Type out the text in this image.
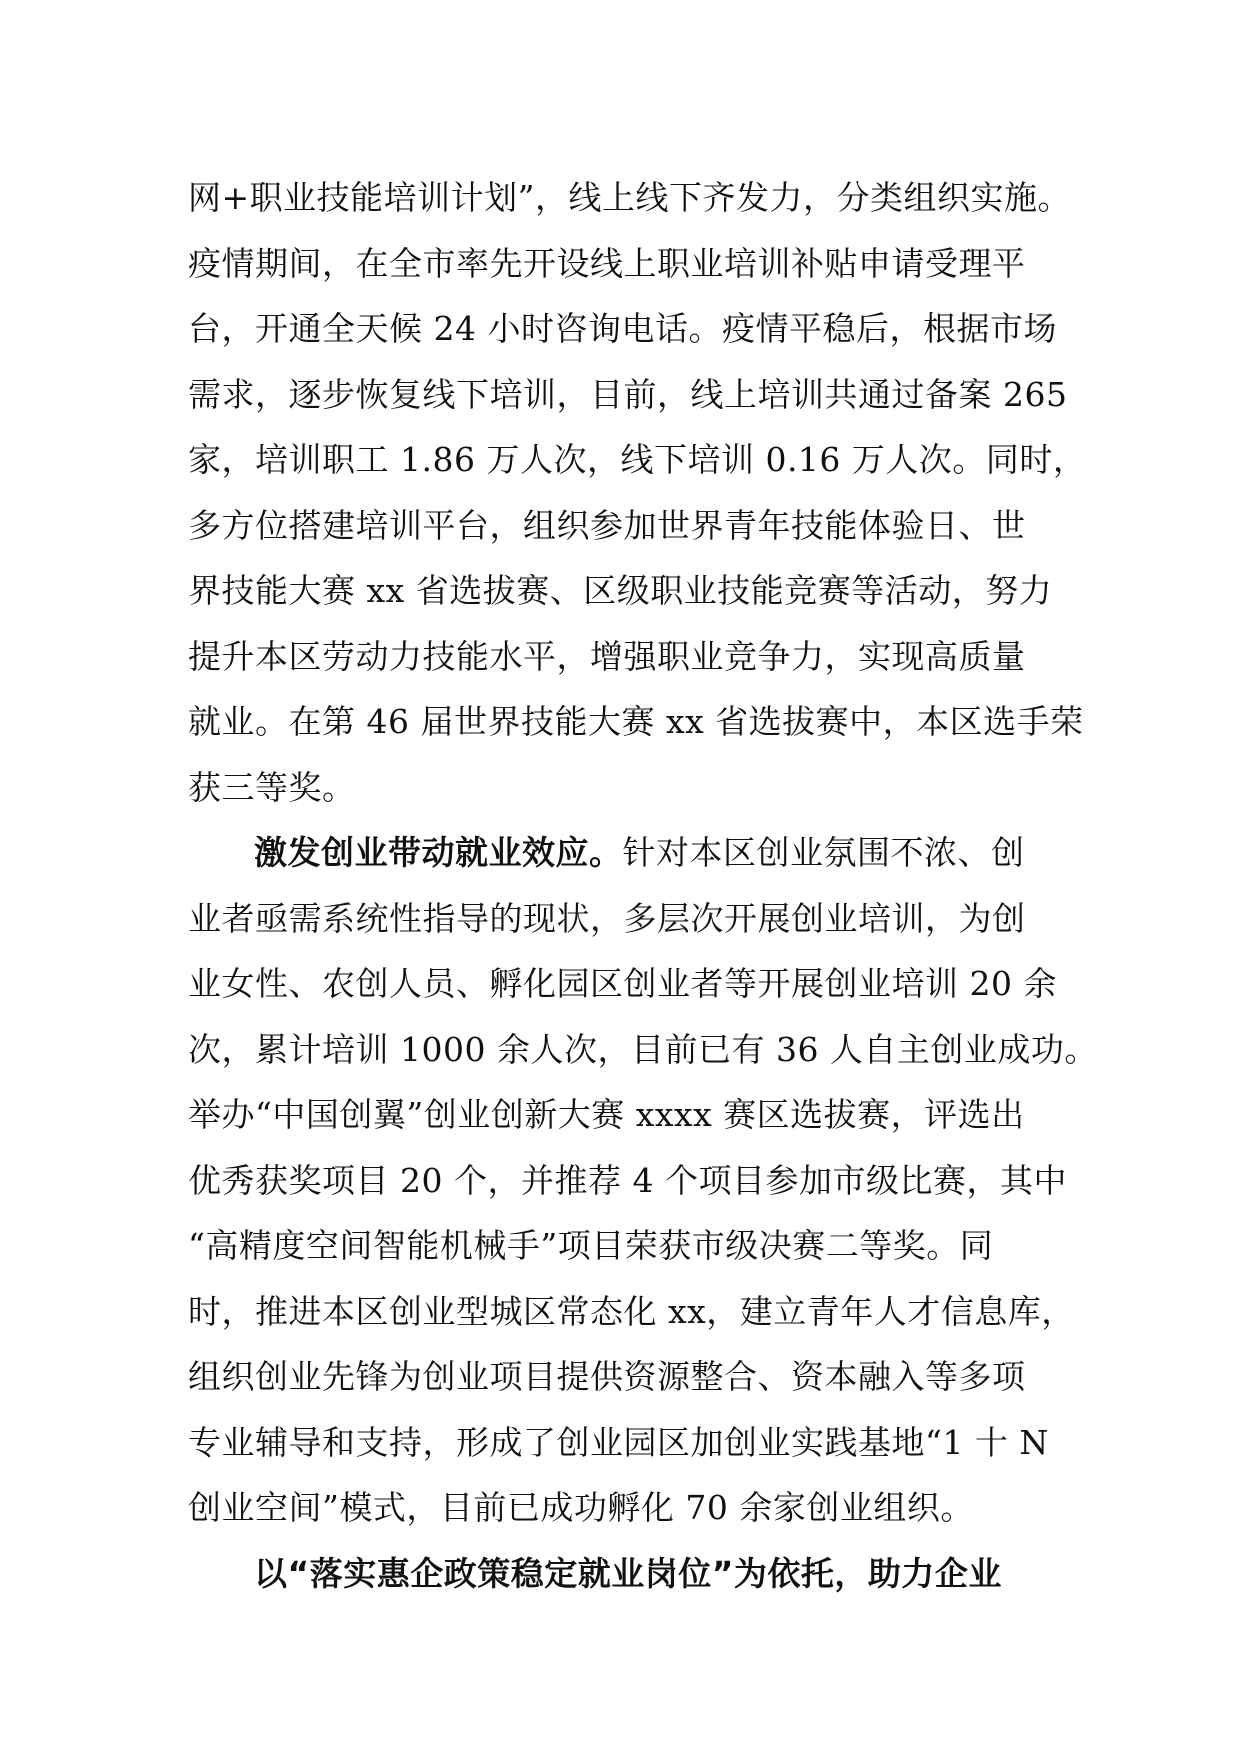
网+职业技能培训计划”，线上线下齐发力，分类组织实施。
疫情期间，在全市率先开设线上职业培训补贴申请受理平
台，开通全天候 24 小时咨询电话。疫情平稳后，根据市场
需求，逐步恢复线下培训，目前，线上培训共通过备案 265
家，培训职工 1.86 万人次，线下培训 0.16 万人次。同时，
多方位搭建培训平台，组织参加世界青年技能体验日、世
界技能大赛 xx 省选拔赛、区级职业技能竞赛等活动，努力
提升本区劳动力技能水平，增强职业竞争力，实现高质量
就业。在第 46 届世界技能大赛 xx 省选拔赛中，本区选手荣
获三等奖。
激发创业带动就业效应。针对本区创业氛围不浓、创
业者亟需系统性指导的现状，多层次开展创业培训，为创
业女性、农创人员、孵化园区创业者等开展创业培训 20 余
次，累计培训 1000 余人次，目前已有 36 人自主创业成功。
举办“中国创翼”创业创新大赛 xxxx 赛区选拔赛，评选出
优秀获奖项目 20 个，并推荐 4 个项目参加市级比赛，其中
“高精度空间智能机械手”项目荣获市级决赛二等奖。同
时，推进本区创业型城区常态化 xx，建立青年人才信息库，
组织创业先锋为创业项目提供资源整合、资本融入等多项
专业辅导和支持，形成了创业园区加创业实践基地“1 十 N
创业空间”模式，目前已成功孵化 70 余家创业组织。
以“落实惠企政策稳定就业岗位”为依托，助力企业
